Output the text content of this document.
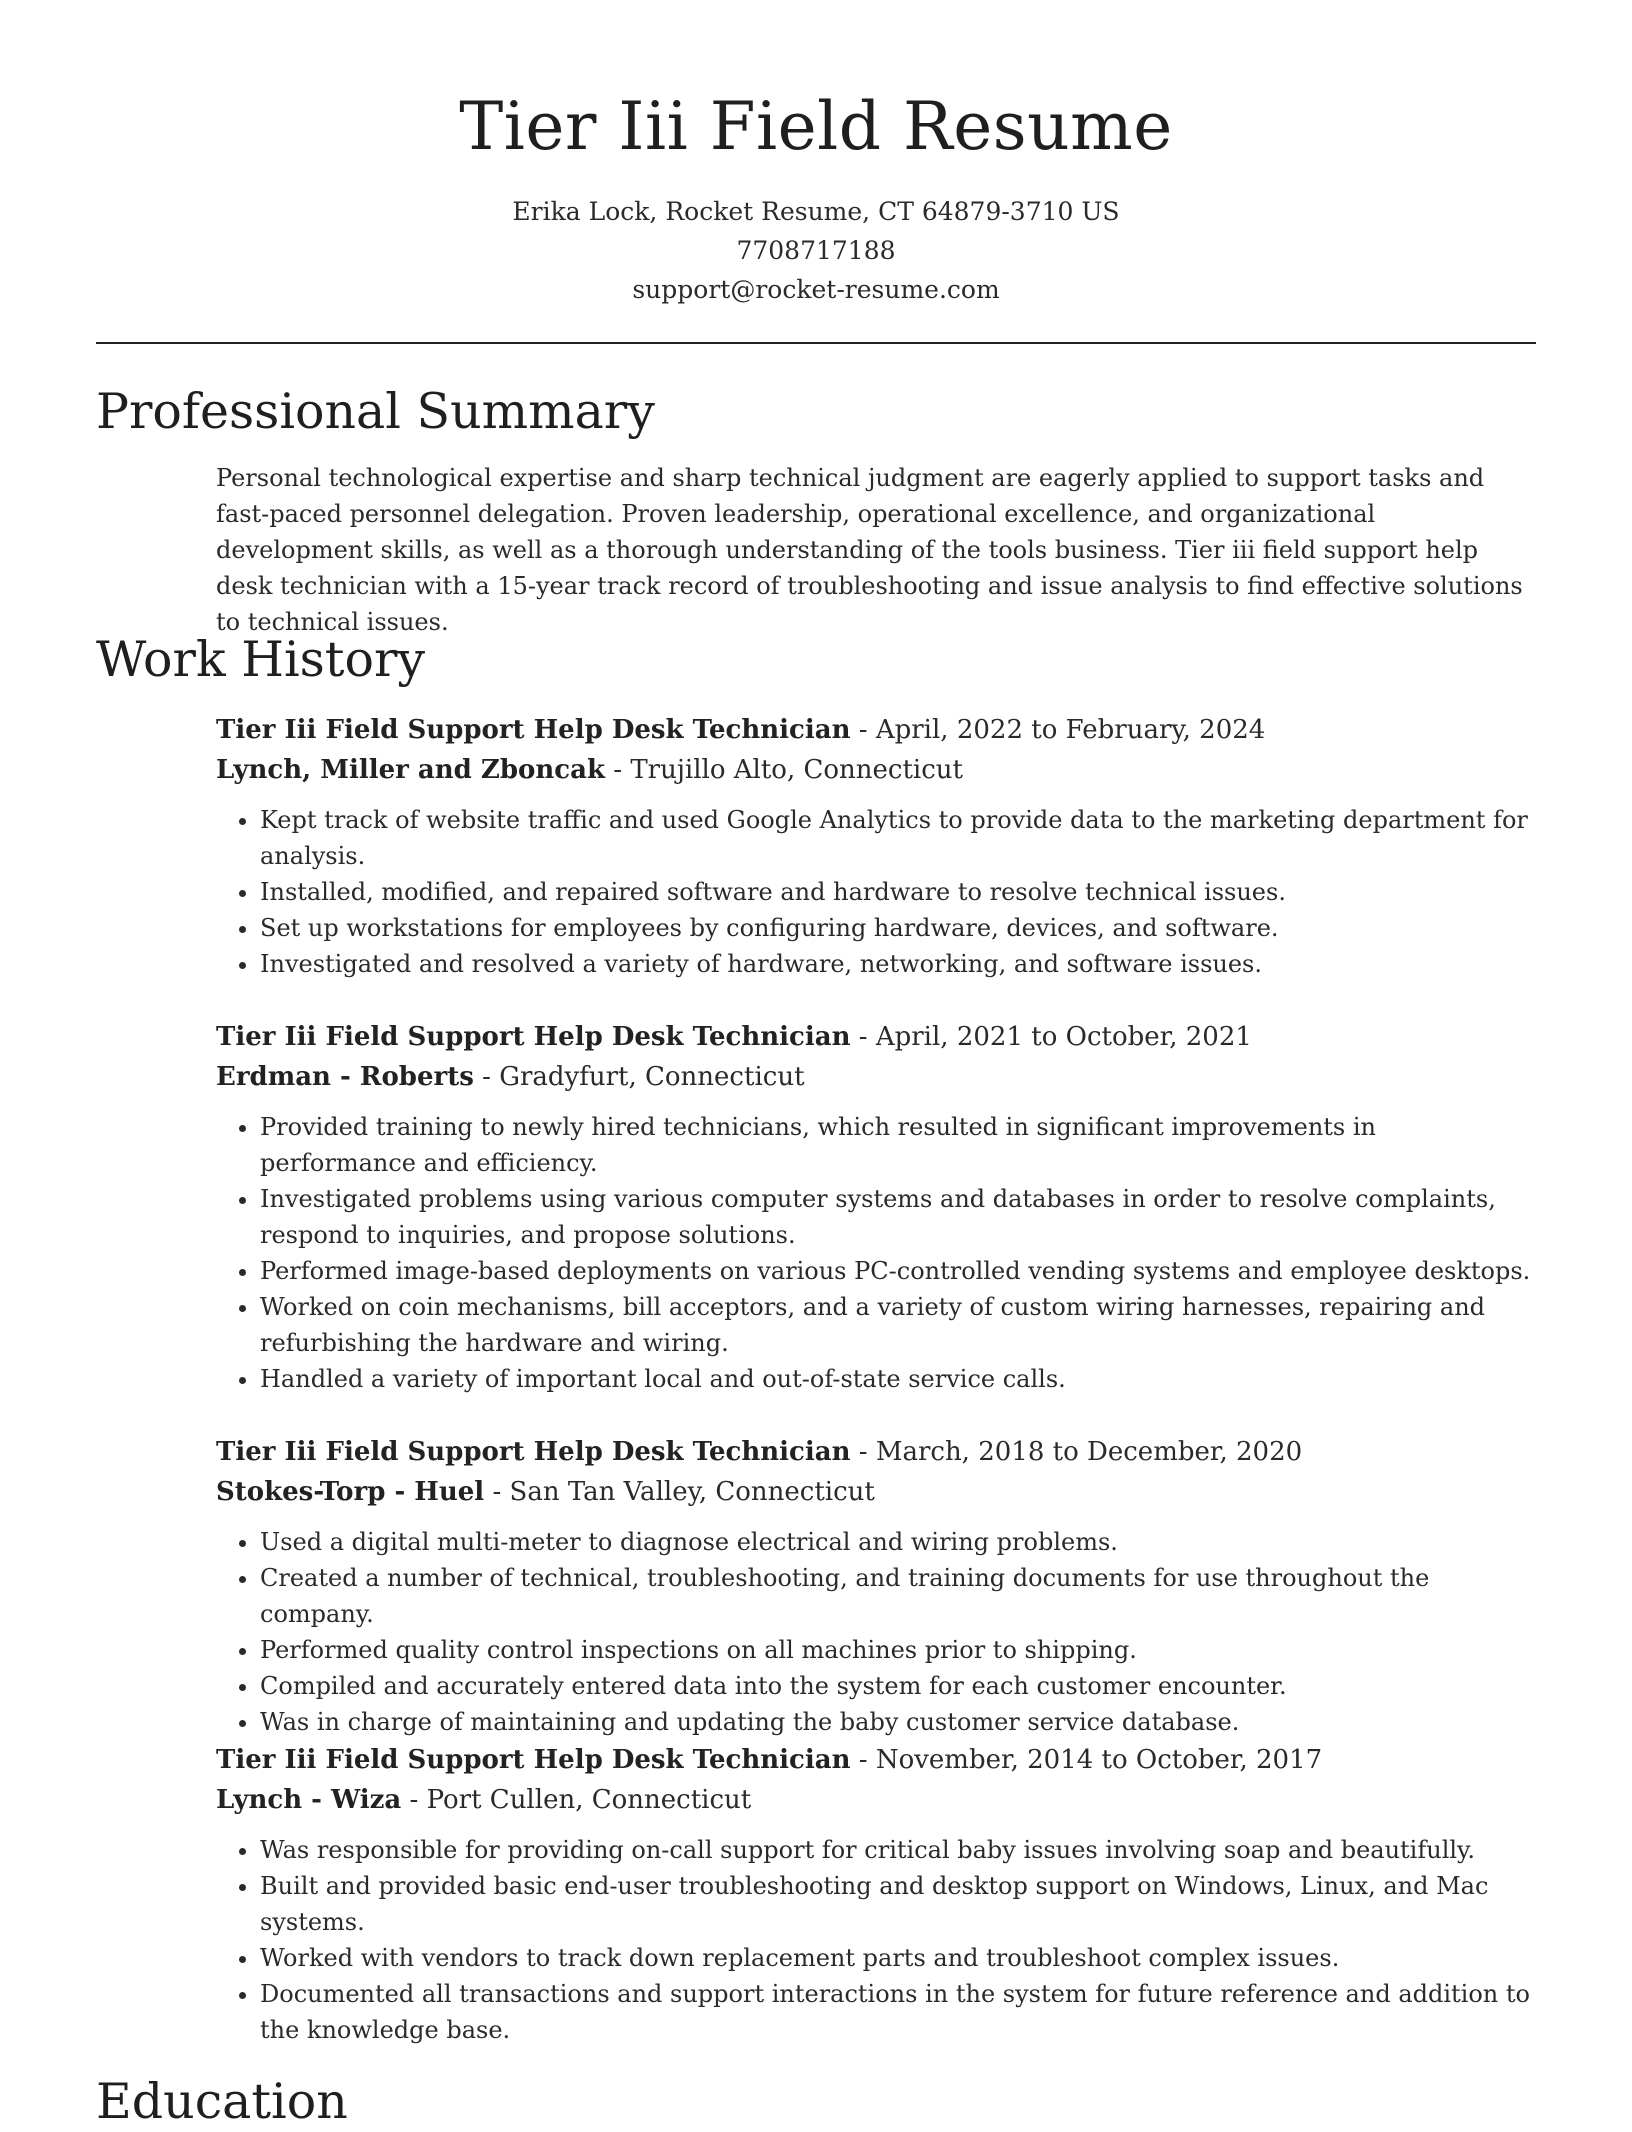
Tier Iii Field Resume
Erika Lock, Rocket Resume, CT 64879-3710 US
7708717188
support@rocket-resume.com
Professional Summary

Personal technological expertise and sharp technical judgment are eagerly applied to support tasks and fast-paced personnel delegation. Proven leadership, operational excellence, and organizational development skills, as well as a thorough understanding of the tools business. Tier iii field support help desk technician with a 15-year track record of troubleshooting and issue analysis to find effective solutions to technical issues.

Work History
Tier Iii Field Support Help Desk Technician - April, 2022 to February, 2024
Lynch, Miller and Zboncak - Trujillo Alto, Connecticut
• Kept track of website traffic and used Google Analytics to provide data to the marketing department for analysis.
• Installed, modified, and repaired software and hardware to resolve technical issues.
• Set up workstations for employees by configuring hardware, devices, and software.
• Investigated and resolved a variety of hardware, networking, and software issues.
Tier Iii Field Support Help Desk Technician - April, 2021 to October, 2021
Erdman - Roberts - Gradyfurt, Connecticut
• Provided training to newly hired technicians, which resulted in significant improvements in performance and efficiency.
• Investigated problems using various computer systems and databases in order to resolve complaints, respond to inquiries, and propose solutions.
• Performed image-based deployments on various PC-controlled vending systems and employee desktops.
• Worked on coin mechanisms, bill acceptors, and a variety of custom wiring harnesses, repairing and refurbishing the hardware and wiring.
• Handled a variety of important local and out-of-state service calls.
Tier Iii Field Support Help Desk Technician - March, 2018 to December, 2020
Stokes-Torp - Huel - San Tan Valley, Connecticut
• Used a digital multi-meter to diagnose electrical and wiring problems.
• Created a number of technical, troubleshooting, and training documents for use throughout the company.
• Performed quality control inspections on all machines prior to shipping.
• Compiled and accurately entered data into the system for each customer encounter.
• Was in charge of maintaining and updating the baby customer service database.
Tier Iii Field Support Help Desk Technician - November, 2014 to October, 2017
Lynch - Wiza - Port Cullen, Connecticut
• Was responsible for providing on-call support for critical baby issues involving soap and beautifully.
• Built and provided basic end-user troubleshooting and desktop support on Windows, Linux, and Mac systems.
• Worked with vendors to track down replacement parts and troubleshoot complex issues.
• Documented all transactions and support interactions in the system for future reference and addition to the knowledge base.
Education
